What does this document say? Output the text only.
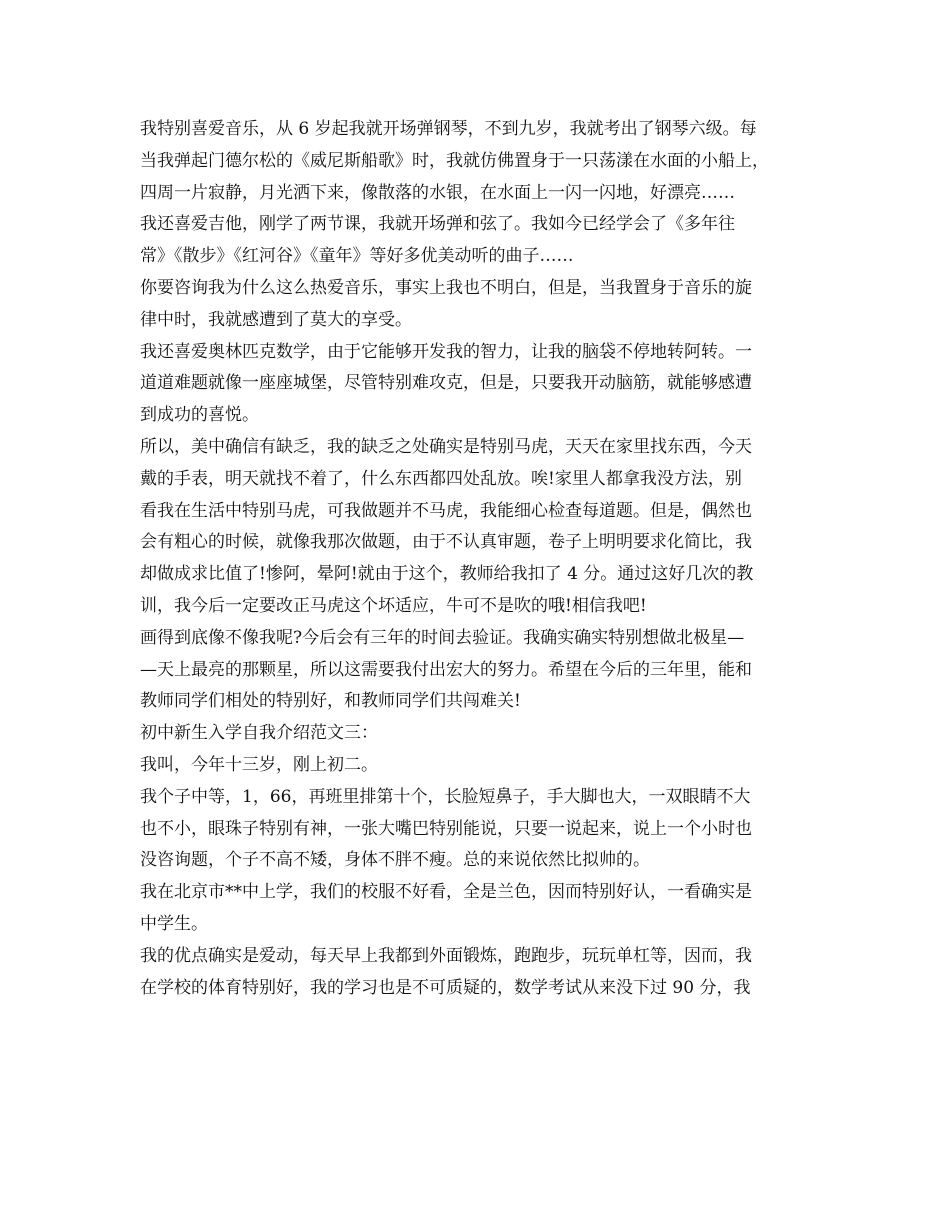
我特别喜爱音乐，从 6 岁起我就开场弹钢琴，不到九岁，我就考出了钢琴六级。每
当我弹起门德尔松的《威尼斯船歌》时，我就仿佛置身于一只荡漾在水面的小船上，
四周一片寂静，月光洒下来，像散落的水银，在水面上一闪一闪地，好漂亮……
我还喜爱吉他，刚学了两节课，我就开场弹和弦了。我如今已经学会了《多年往
常》《散步》《红河谷》《童年》等好多优美动听的曲子……
你要咨询我为什么这么热爱音乐，事实上我也不明白，但是，当我置身于音乐的旋
律中时，我就感遭到了莫大的享受。
我还喜爱奥林匹克数学，由于它能够开发我的智力，让我的脑袋不停地转阿转。一
道道难题就像一座座城堡，尽管特别难攻克，但是，只要我开动脑筋，就能够感遭
到成功的喜悦。
所以，美中确信有缺乏，我的缺乏之处确实是特别马虎，天天在家里找东西，今天
戴的手表，明天就找不着了，什么东西都四处乱放。唉!家里人都拿我没方法，别
看我在生活中特别马虎，可我做题并不马虎，我能细心检查每道题。但是，偶然也
会有粗心的时候，就像我那次做题，由于不认真审题，卷子上明明要求化简比，我
却做成求比值了!惨阿，晕阿!就由于这个，教师给我扣了 4 分。通过这好几次的教
训，我今后一定要改正马虎这个坏适应，牛可不是吹的哦!相信我吧!
画得到底像不像我呢?今后会有三年的时间去验证。我确实确实特别想做北极星—
—天上最亮的那颗星，所以这需要我付出宏大的努力。希望在今后的三年里，能和
教师同学们相处的特别好，和教师同学们共闯难关!
初中新生入学自我介绍范文三：
我叫，今年十三岁，刚上初二。
我个子中等，1，66，再班里排第十个，长脸短鼻子，手大脚也大，一双眼睛不大
也不小，眼珠子特别有神，一张大嘴巴特别能说，只要一说起来，说上一个小时也
没咨询题，个子不高不矮，身体不胖不瘦。总的来说依然比拟帅的。
我在北京市**中上学，我们的校服不好看，全是兰色，因而特别好认，一看确实是
中学生。
我的优点确实是爱动，每天早上我都到外面锻炼，跑跑步，玩玩单杠等，因而，我
在学校的体育特别好，我的学习也是不可质疑的，数学考试从来没下过 90 分，我
